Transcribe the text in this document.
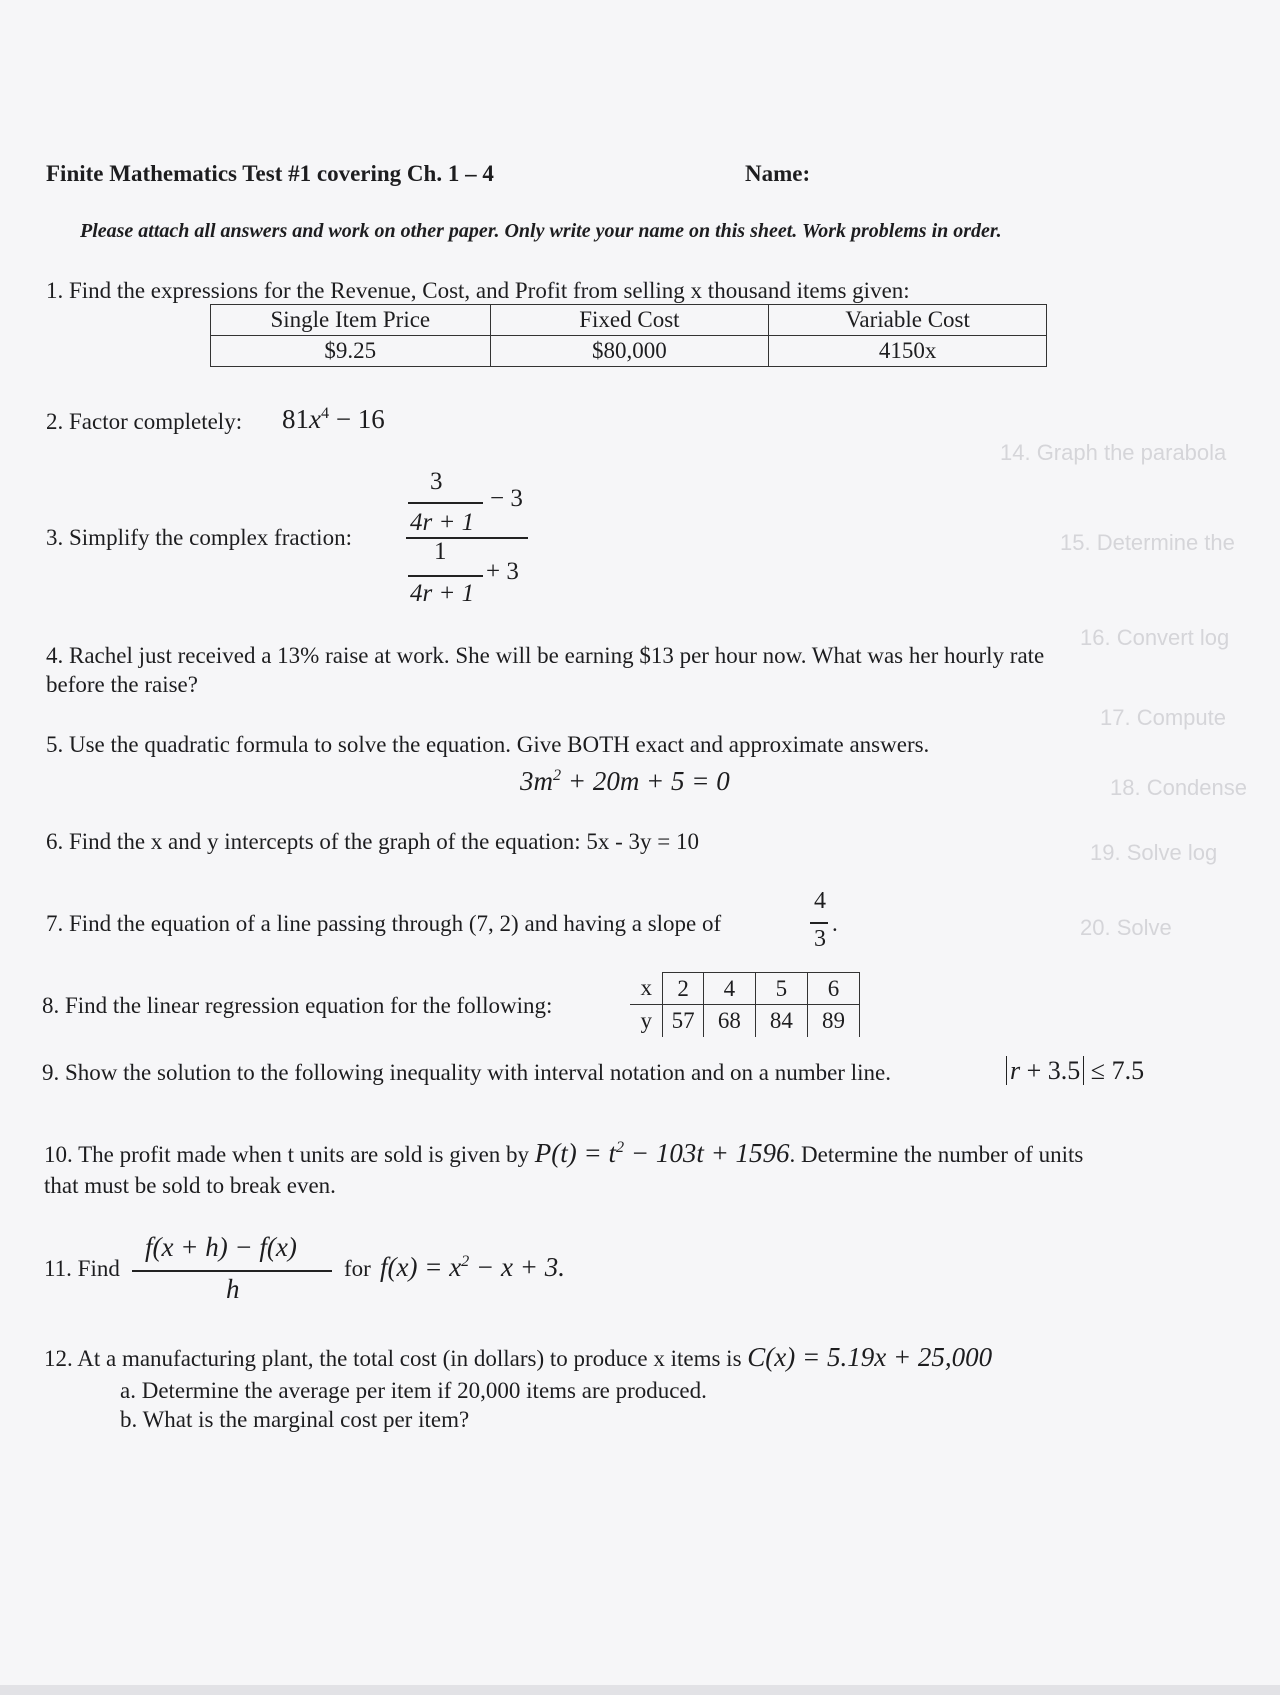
14. Graph the parabola
15. Determine the
16. Convert log
17. Compute
18. Condense
19. Solve log
20. Solve
Finite Mathematics Test #1 covering Ch. 1 – 4	Name:
Please attach all answers and work on other paper. Only write your name on this sheet. Work problems in order.
1. Find the expressions for the Revenue, Cost, and Profit from selling x thousand items given:
Single Item Price	Fixed Cost	Variable Cost
$9.25	$80,000	4150x
2. Factor completely: $81x^4 - 16$
3. Simplify the complex fraction:
3
4r + 1
− 3
1
+ 3
4r + 1
4. Rachel just received a 13% raise at work. She will be earning $13 per hour now. What was her hourly rate
before the raise?
5. Use the quadratic formula to solve the equation. Give BOTH exact and approximate answers.
$3m^2 + 20m + 5 = 0$
6. Find the x and y intercepts of the graph of the equation: 5x - 3y = 10
7. Find the equation of a line passing through (7, 2) and having a slope of
4
3
.
8. Find the linear regression equation for the following:
x	2	4	5	6
y	57	68	84	89
9. Show the solution to the following inequality with interval notation and on a number line.	r + 3.5 ≤ 7.5
10. The profit made when t units are sold is given by $P(t) = t^2 - 103t + 1596$. Determine the number of units
that must be sold to break even.
11. Find
f(x + h) − f(x)
h
for $f(x) = x^2 - x + 3$.
12. At a manufacturing plant, the total cost (in dollars) to produce x items is C(x) = 5.19x + 25,000
a. Determine the average per item if 20,000 items are produced.
b. What is the marginal cost per item?
